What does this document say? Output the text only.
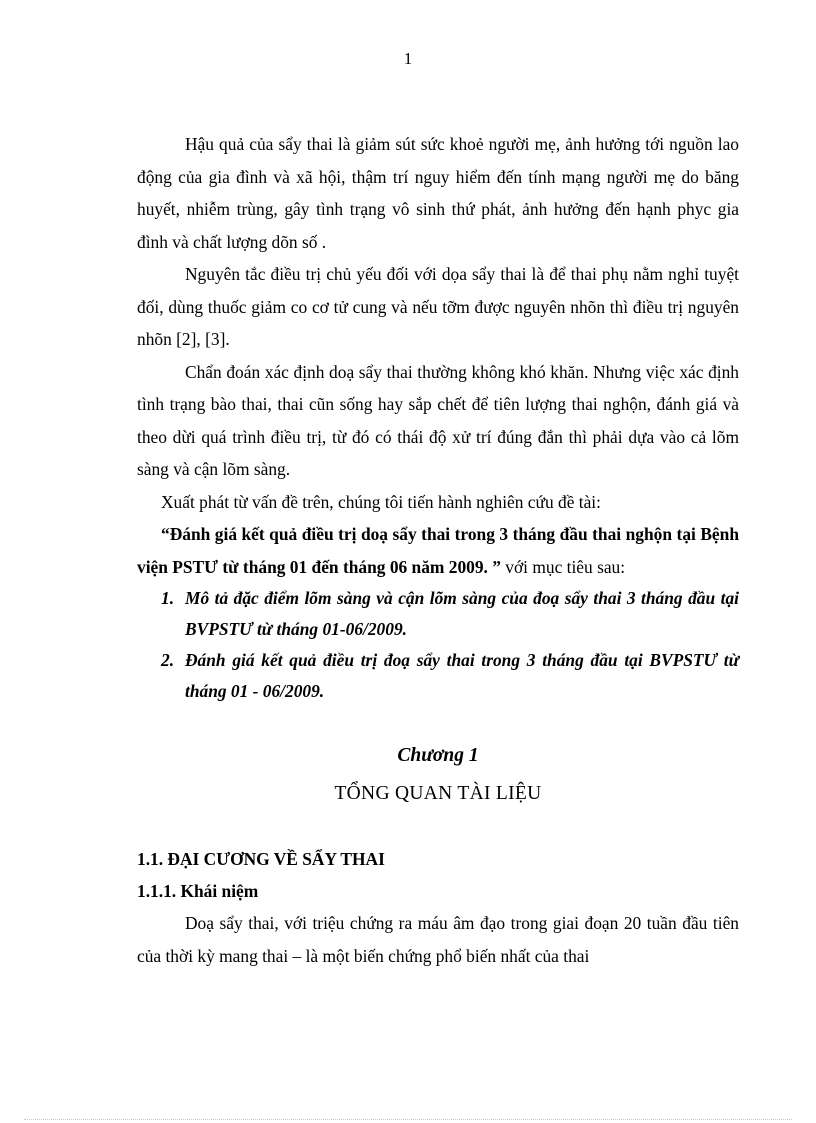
1

Hậu quả của sẩy thai là giảm sút sức khoẻ người mẹ, ảnh hưởng tới nguồn lao động của gia đình và xã hội, thậm trí nguy hiểm đến tính mạng người mẹ do băng huyết, nhiễm trùng, gây tình trạng vô sinh thứ phát, ảnh hưởng đến hạnh phyc gia đình và chất lượng dõn số .

Nguyên tắc điều trị chủ yếu đối với dọa sẩy thai là để thai phụ nằm nghỉ tuyệt đối, dùng thuốc giảm co cơ tử cung và nếu tỡm được nguyên nhõn thì điều trị nguyên nhõn [2], [3].

Chẩn đoán xác định doạ sẩy thai thường không khó khăn. Nhưng việc xác định tình trạng bào thai, thai cũn sống hay sắp chết để tiên lượng thai nghộn, đánh giá và theo dừi quá trình điều trị, từ đó có thái độ xử trí đúng đắn thì phải dựa vào cả lõm sàng và cận lõm sàng.

Xuất phát từ vấn đề trên, chúng tôi tiến hành nghiên cứu đề tài:

“Đánh giá kết quả điều trị doạ sẩy thai trong 3 tháng đầu thai nghộn tại Bệnh viện PSTƯ từ tháng 01 đến tháng 06 năm 2009. ” với mục tiêu sau:

1. Mô tả đặc điểm lõm sàng và cận lõm sàng của đoạ sẩy thai 3 tháng đầu tại BVPSTƯ từ tháng 01-06/2009.
2. Đánh giá kết quả điều trị đoạ sẩy thai trong 3 tháng đầu tại BVPSTƯ từ tháng 01 - 06/2009.
Chương 1
TỔNG QUAN TÀI LIỆU
1.1. ĐẠI CƯƠNG VỀ SẨY THAI
1.1.1. Khái niệm

Doạ sẩy thai, với triệu chứng ra máu âm đạo trong giai đoạn 20 tuần đầu tiên của thời kỳ mang thai – là một biến chứng phổ biến nhất của thai
